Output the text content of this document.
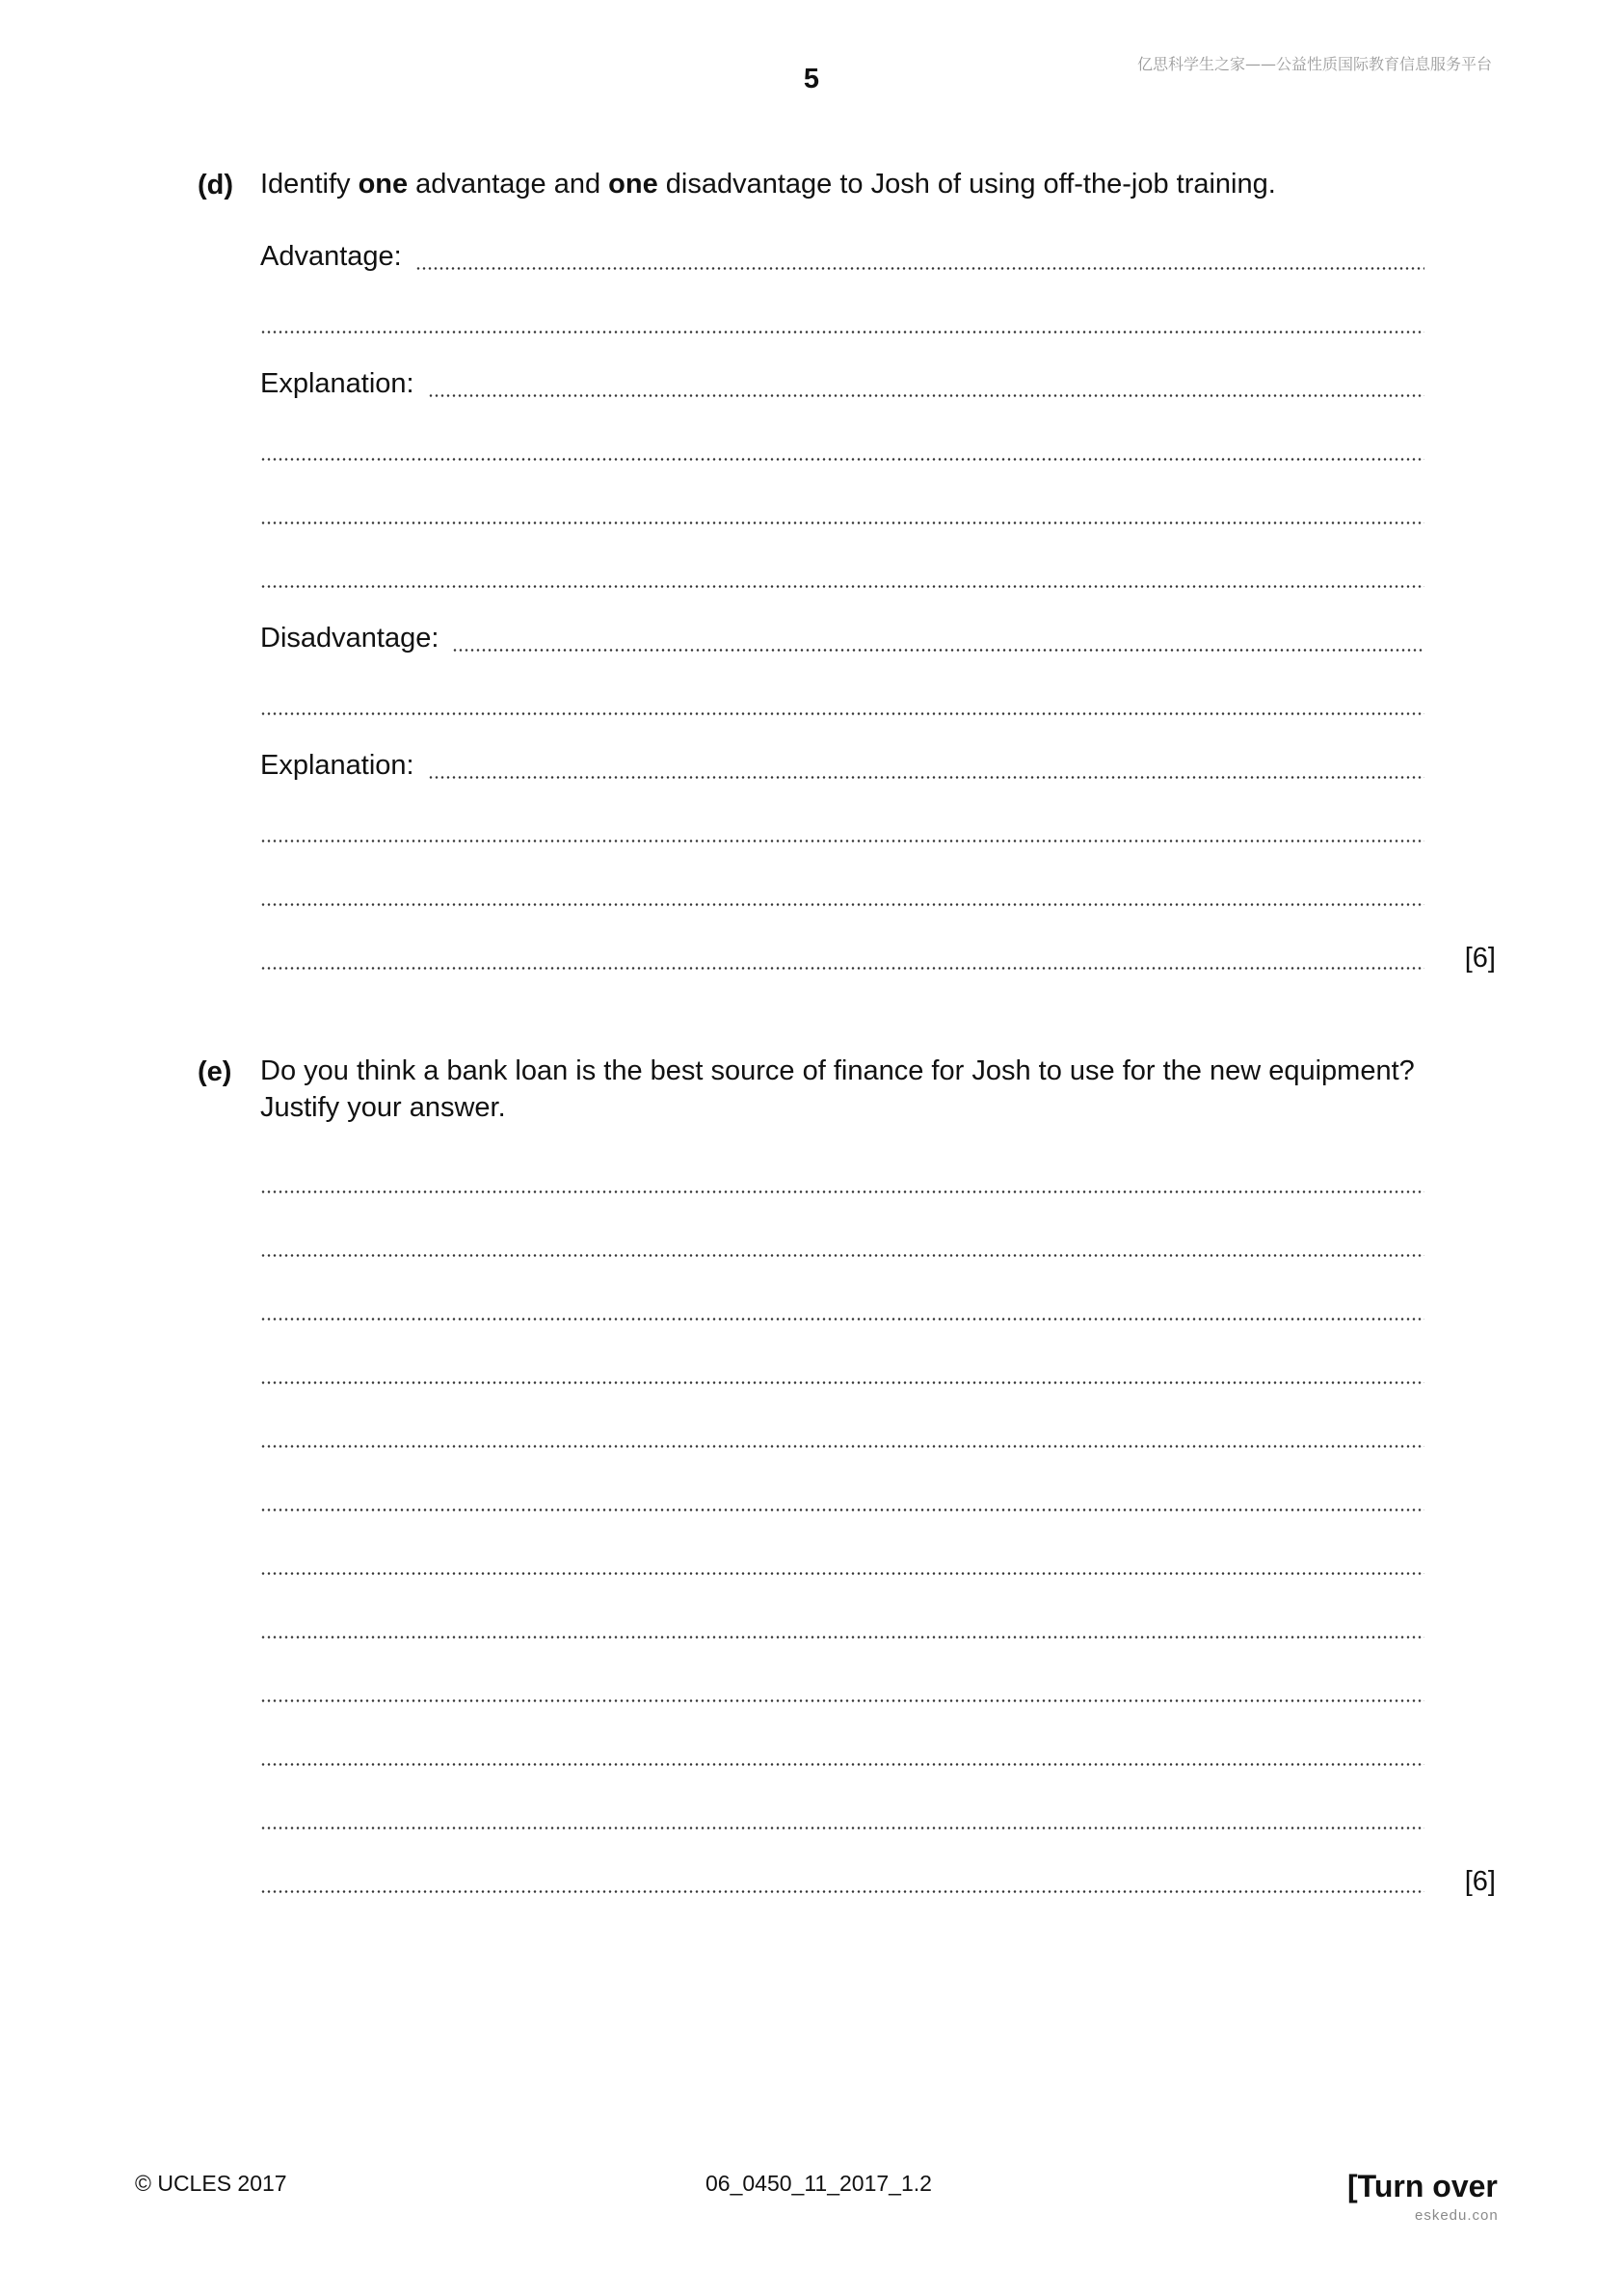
亿思科学生之家——公益性质国际教育信息服务平台
5
(d) Identify one advantage and one disadvantage to Josh of using off-the-job training.
Advantage:
Explanation:
Disadvantage:
Explanation:
[6]
(e) Do you think a bank loan is the best source of finance for Josh to use for the new equipment?
Justify your answer.
[6]
© UCLES 2017	06_0450_11_2017_1.2	[Turn over
eskedu.con
